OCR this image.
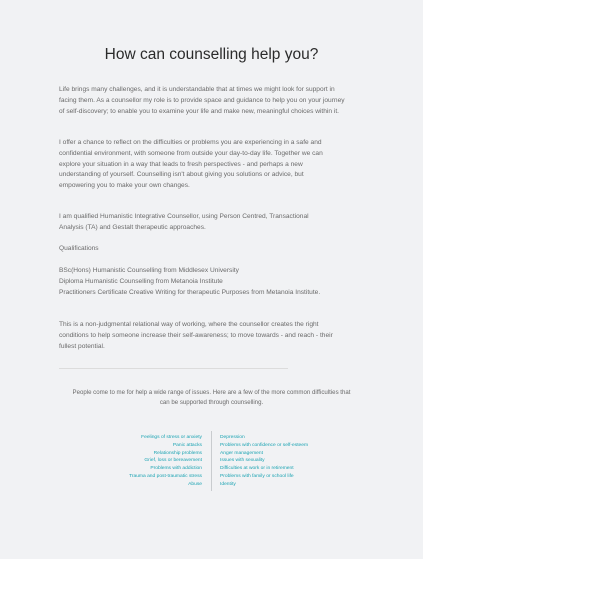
How can counselling help you?

Life brings many challenges, and it is understandable that at times we might look for support in
facing them. As a counsellor my role is to provide space and guidance to help you on your journey
of self-discovery; to enable you to examine your life and make new, meaningful choices within it.

I offer a chance to reflect on the difficulties or problems you are experiencing in a safe and
confidential environment, with someone from outside your day-to-day life. Together we can
explore your situation in a way that leads to fresh perspectives - and perhaps a new
understanding of yourself. Counselling isn't about giving you solutions or advice, but
empowering you to make your own changes.

I am qualified Humanistic Integrative Counsellor, using Person Centred, Transactional
Analysis (TA) and Gestalt therapeutic approaches.

Qualifications

BSc(Hons) Humanistic Counselling from Middlesex University
Diploma Humanistic Counselling from Metanoia Institute
Practitioners Certificate Creative Writing for therapeutic Purposes from Metanoia Institute.

This is a non-judgmental relational way of working, where the counsellor creates the right
conditions to help someone increase their self-awareness; to move towards - and reach - their
fullest potential.

People come to me for help a wide range of issues. Here are a few of the more common difficulties that
can be supported through counselling.
Feelings of stress or anxiety
Panic attacks
Relationship problems
Grief, loss or bereavement
Problems with addiction
Trauma and post-traumatic stress
Abuse
Depression
Problems with confidence or self-esteem
Anger management
Issues with sexuality
Difficulties at work or in retirement
Problems with family or school life
Identity
